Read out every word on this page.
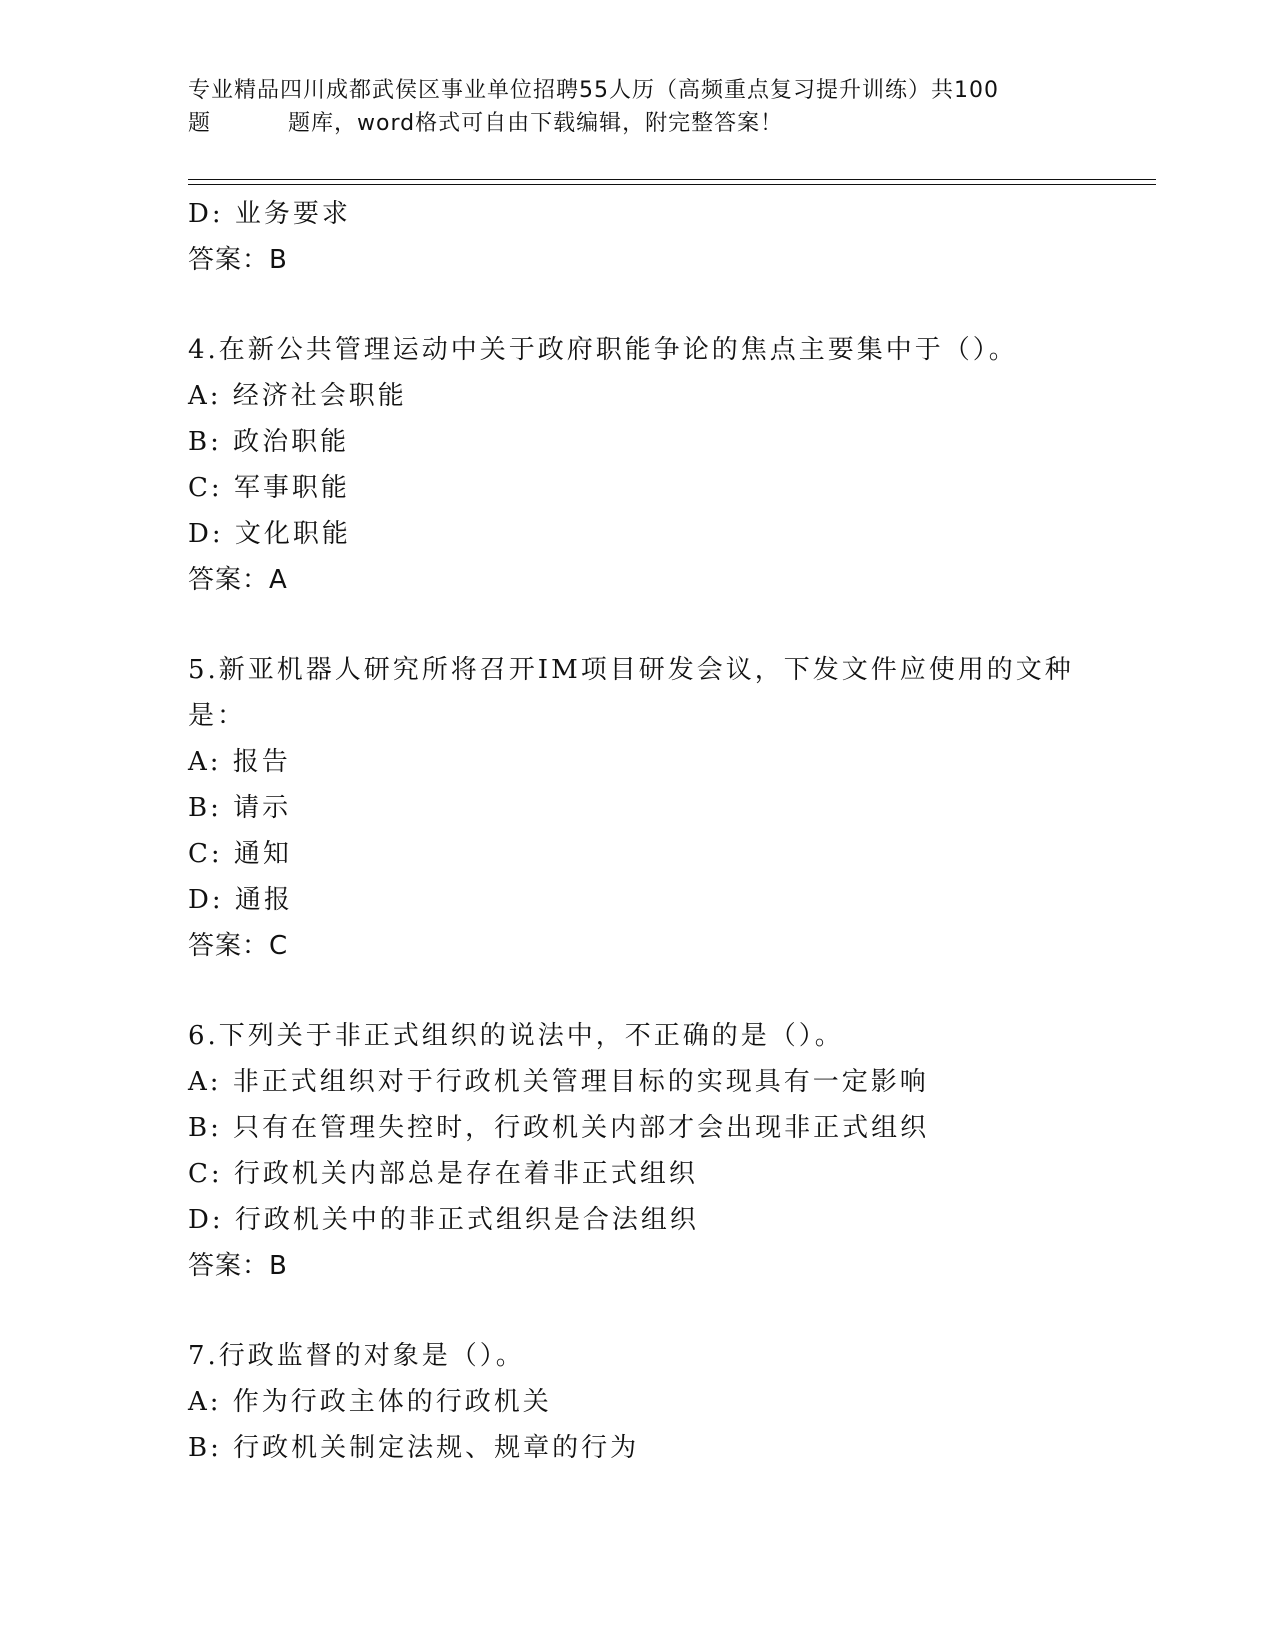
专业精品四川成都武侯区事业单位招聘55人历（高频重点复习提升训练）共100
题	题库，word格式可自由下载编辑，附完整答案！
D: 业务要求
答案：B
4.在新公共管理运动中关于政府职能争论的焦点主要集中于（）。
A: 经济社会职能
B: 政治职能
C: 军事职能
D: 文化职能
答案：A
5.新亚机器人研究所将召开IM项目研发会议，下发文件应使用的文种
是：
A: 报告
B: 请示
C: 通知
D: 通报
答案：C
6.下列关于非正式组织的说法中，不正确的是（）。
A: 非正式组织对于行政机关管理目标的实现具有一定影响
B: 只有在管理失控时，行政机关内部才会出现非正式组织
C: 行政机关内部总是存在着非正式组织
D: 行政机关中的非正式组织是合法组织
答案：B
7.行政监督的对象是（）。
A: 作为行政主体的行政机关
B: 行政机关制定法规、规章的行为
